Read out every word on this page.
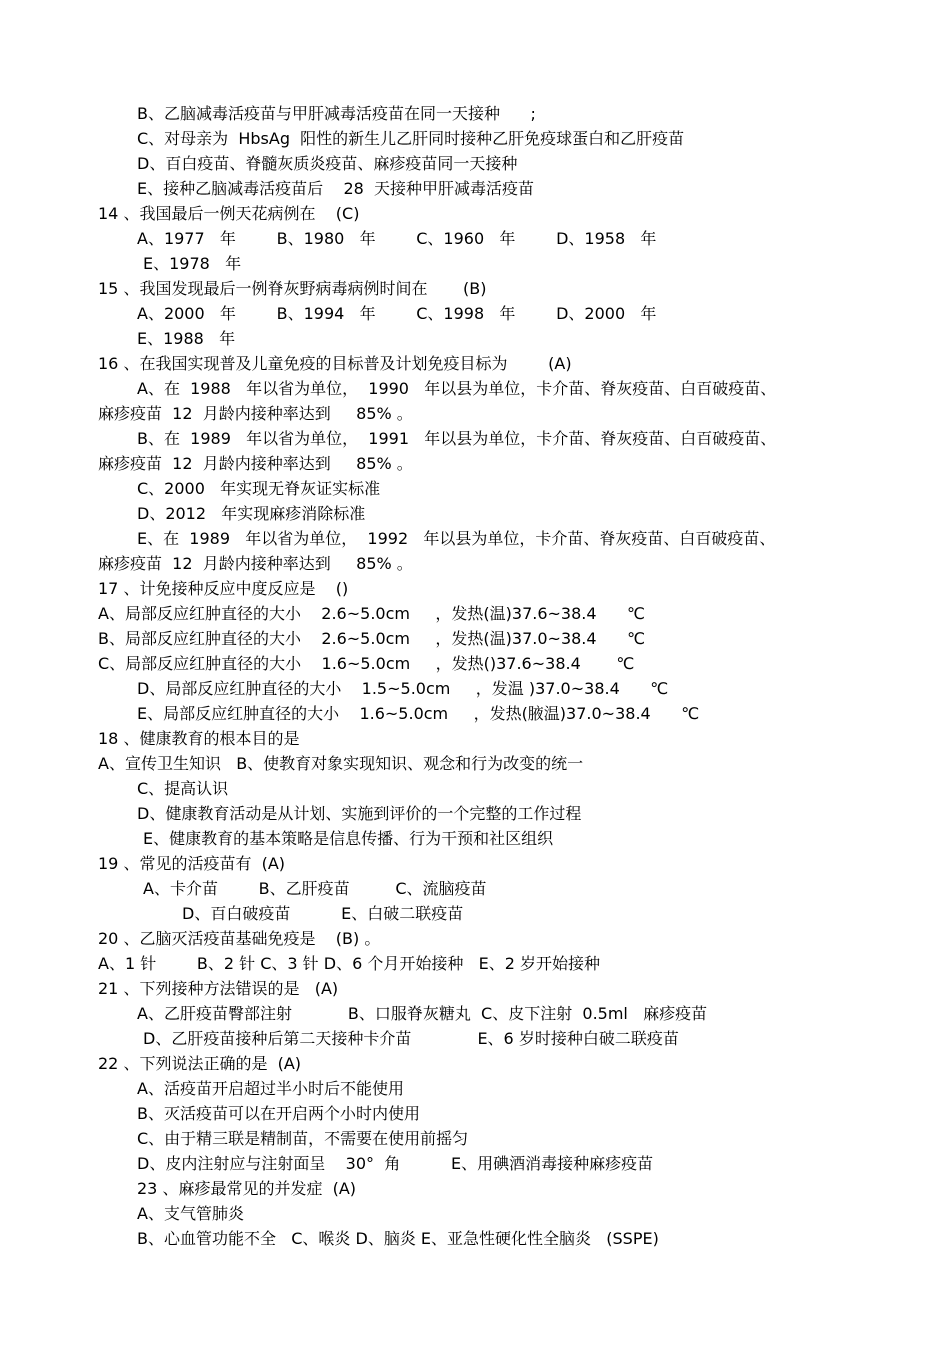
B、乙脑减毒活疫苗与甲肝减毒活疫苗在同一天接种      ;
C、对母亲为  HbsAg  阳性的新生儿乙肝同时接种乙肝免疫球蛋白和乙肝疫苗
D、百白疫苗、脊髓灰质炎疫苗、麻疹疫苗同一天接种
E、接种乙脑减毒活疫苗后    28  天接种甲肝减毒活疫苗
14 、我国最后一例天花病例在    (C)
A、1977   年        B、1980   年        C、1960   年        D、1958   年
E、1978   年
15 、我国发现最后一例脊灰野病毒病例时间在       (B)
A、2000   年        B、1994   年        C、1998   年        D、2000   年
E、1988   年
16 、在我国实现普及儿童免疫的目标普及计划免疫目标为        (A)
A、在  1988   年以省为单位，  1990   年以县为单位，卡介苗、脊灰疫苗、白百破疫苗、
麻疹疫苗  12  月龄内接种率达到     85% 。
B、在  1989   年以省为单位，  1991   年以县为单位，卡介苗、脊灰疫苗、白百破疫苗、
麻疹疫苗  12  月龄内接种率达到     85% 。
C、2000   年实现无脊灰证实标准
D、2012   年实现麻疹消除标准
E、在  1989   年以省为单位，  1992   年以县为单位，卡介苗、脊灰疫苗、白百破疫苗、
麻疹疫苗  12  月龄内接种率达到     85% 。
17 、计免接种反应中度反应是    ()
A、局部反应红肿直径的大小    2.6~5.0cm     ，发热(温)37.6~38.4      ℃
B、局部反应红肿直径的大小    2.6~5.0cm     ，发热(温)37.0~38.4      ℃
C、局部反应红肿直径的大小    1.6~5.0cm     ，发热()37.6~38.4       ℃
D、局部反应红肿直径的大小    1.5~5.0cm     ，发温 )37.0~38.4      ℃
E、局部反应红肿直径的大小    1.6~5.0cm     ，发热(腋温)37.0~38.4      ℃
18 、健康教育的根本目的是
A、宣传卫生知识   B、使教育对象实现知识、观念和行为改变的统一
C、提高认识
D、健康教育活动是从计划、实施到评价的一个完整的工作过程
E、健康教育的基本策略是信息传播、行为干预和社区组织
19 、常见的活疫苗有  (A)
A、卡介苗        B、乙肝疫苗         C、流脑疫苗
D、百白破疫苗          E、白破二联疫苗
20 、乙脑灭活疫苗基础免疫是    (B) 。
A、1 针        B、2 针 C、3 针 D、6 个月开始接种   E、2 岁开始接种
21 、下列接种方法错误的是   (A)
A、乙肝疫苗臀部注射           B、口服脊灰糖丸  C、皮下注射  0.5ml   麻疹疫苗
D、乙肝疫苗接种后第二天接种卡介苗             E、6 岁时接种白破二联疫苗
22 、下列说法正确的是  (A)
A、活疫苗开启超过半小时后不能使用
B、灭活疫苗可以在开启两个小时内使用
C、由于精三联是精制苗，不需要在使用前摇匀
D、皮内注射应与注射面呈    30°  角          E、用碘酒消毒接种麻疹疫苗
23 、麻疹最常见的并发症  (A)
A、支气管肺炎
B、心血管功能不全   C、喉炎 D、脑炎 E、亚急性硬化性全脑炎   (SSPE)
